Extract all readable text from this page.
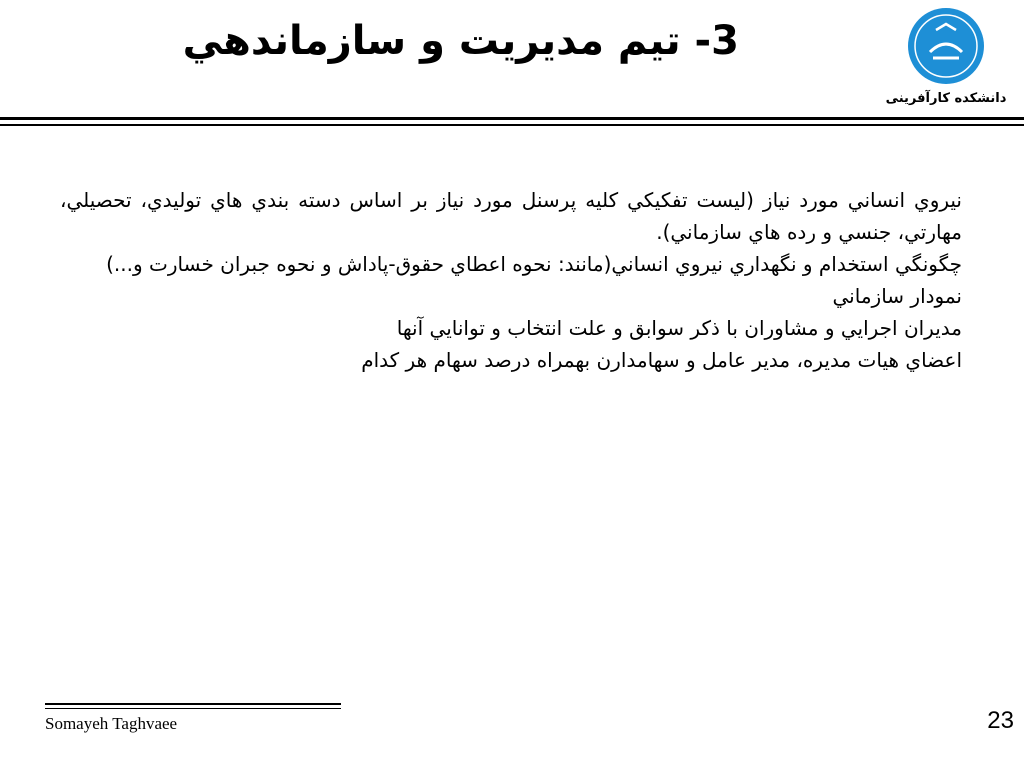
3- تيم مديريت و سازماندهي
دانشکده کارآفرینی

نيروي انساني مورد نياز (ليست تفكيكي كليه پرسنل مورد نياز بر اساس دسته بندي هاي توليدي، تحصيلي، مهارتي، جنسي و رده هاي سازماني).

چگونگي استخدام و نگهداري نيروي انساني(مانند: نحوه اعطاي حقوق-پاداش و نحوه جبران خسارت و...)

نمودار سازماني

مديران اجرايي و مشاوران با ذكر سوابق و علت انتخاب و توانايي آنها

اعضاي هيات مديره، مدير عامل و سهامدارن بهمراه درصد سهام هر كدام

Somayeh Taghvaee	23
